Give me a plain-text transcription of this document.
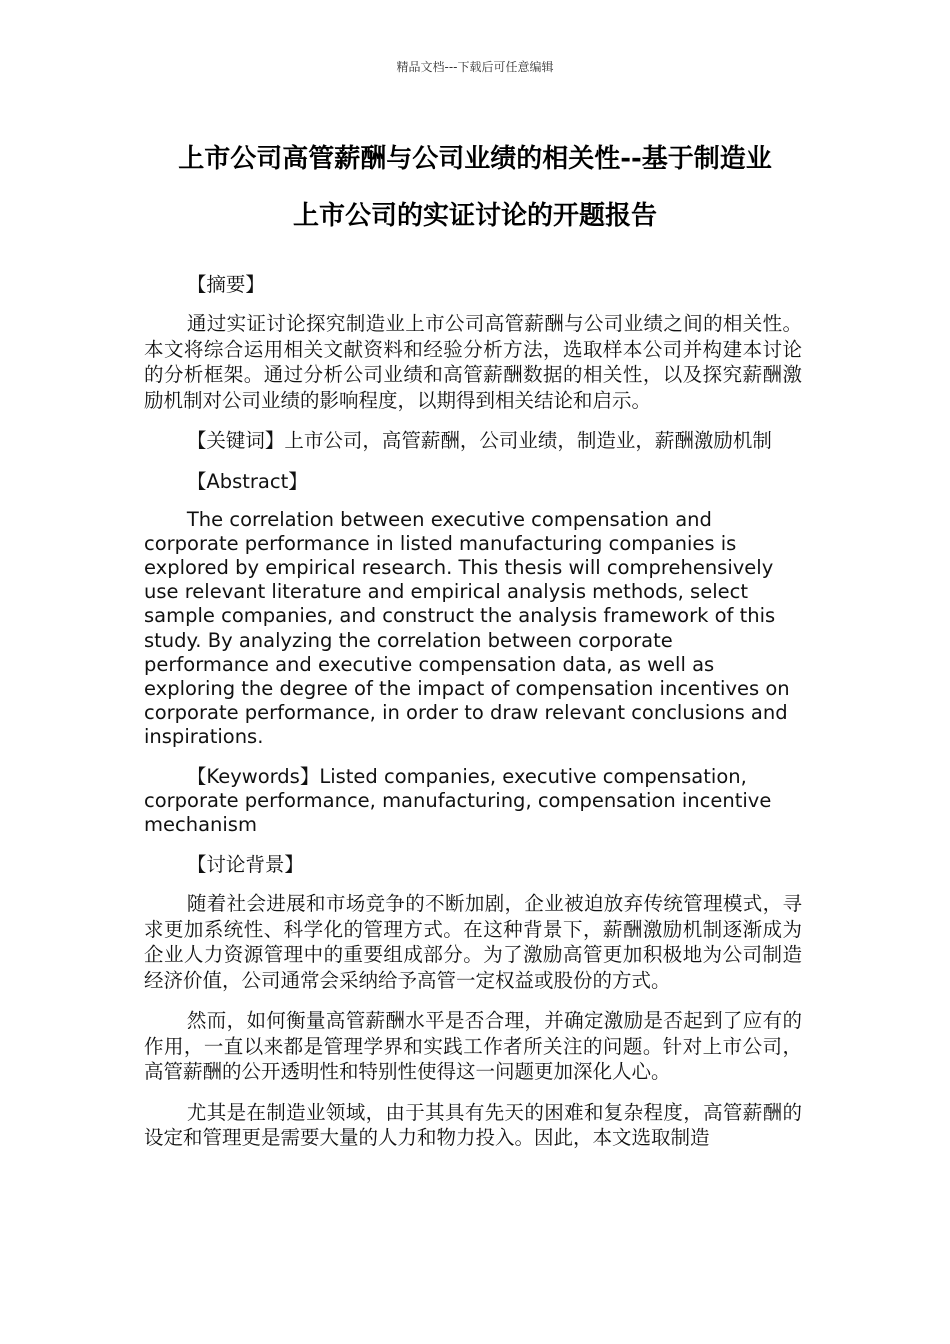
精品文档---下载后可任意编辑
上市公司高管薪酬与公司业绩的相关性--基于制造业
上市公司的实证讨论的开题报告

【摘要】

通过实证讨论探究制造业上市公司高管薪酬与公司业绩之间的相关性。本文将综合运用相关文献资料和经验分析方法，选取样本公司并构建本讨论的分析框架。通过分析公司业绩和高管薪酬数据的相关性，以及探究薪酬激励机制对公司业绩的影响程度，以期得到相关结论和启示。

【关键词】上市公司，高管薪酬，公司业绩，制造业，薪酬激励机制

【Abstract】

The correlation between executive compensation and corporate performance in listed manufacturing companies is explored by empirical research. This thesis will comprehensively use relevant literature and empirical analysis methods, select sample companies, and construct the analysis framework of this study. By analyzing the correlation between corporate performance and executive compensation data, as well as exploring the degree of the impact of compensation incentives on corporate performance, in order to draw relevant conclusions and inspirations.

【Keywords】Listed companies, executive compensation, corporate performance, manufacturing, compensation incentive mechanism

【讨论背景】

随着社会进展和市场竞争的不断加剧，企业被迫放弃传统管理模式，寻求更加系统性、科学化的管理方式。在这种背景下，薪酬激励机制逐渐成为企业人力资源管理中的重要组成部分。为了激励高管更加积极地为公司制造经济价值，公司通常会采纳给予高管一定权益或股份的方式。

然而，如何衡量高管薪酬水平是否合理，并确定激励是否起到了应有的作用，一直以来都是管理学界和实践工作者所关注的问题。针对上市公司，高管薪酬的公开透明性和特别性使得这一问题更加深化人心。

尤其是在制造业领域，由于其具有先天的困难和复杂程度，高管薪酬的设定和管理更是需要大量的人力和物力投入。因此，本文选取制造
